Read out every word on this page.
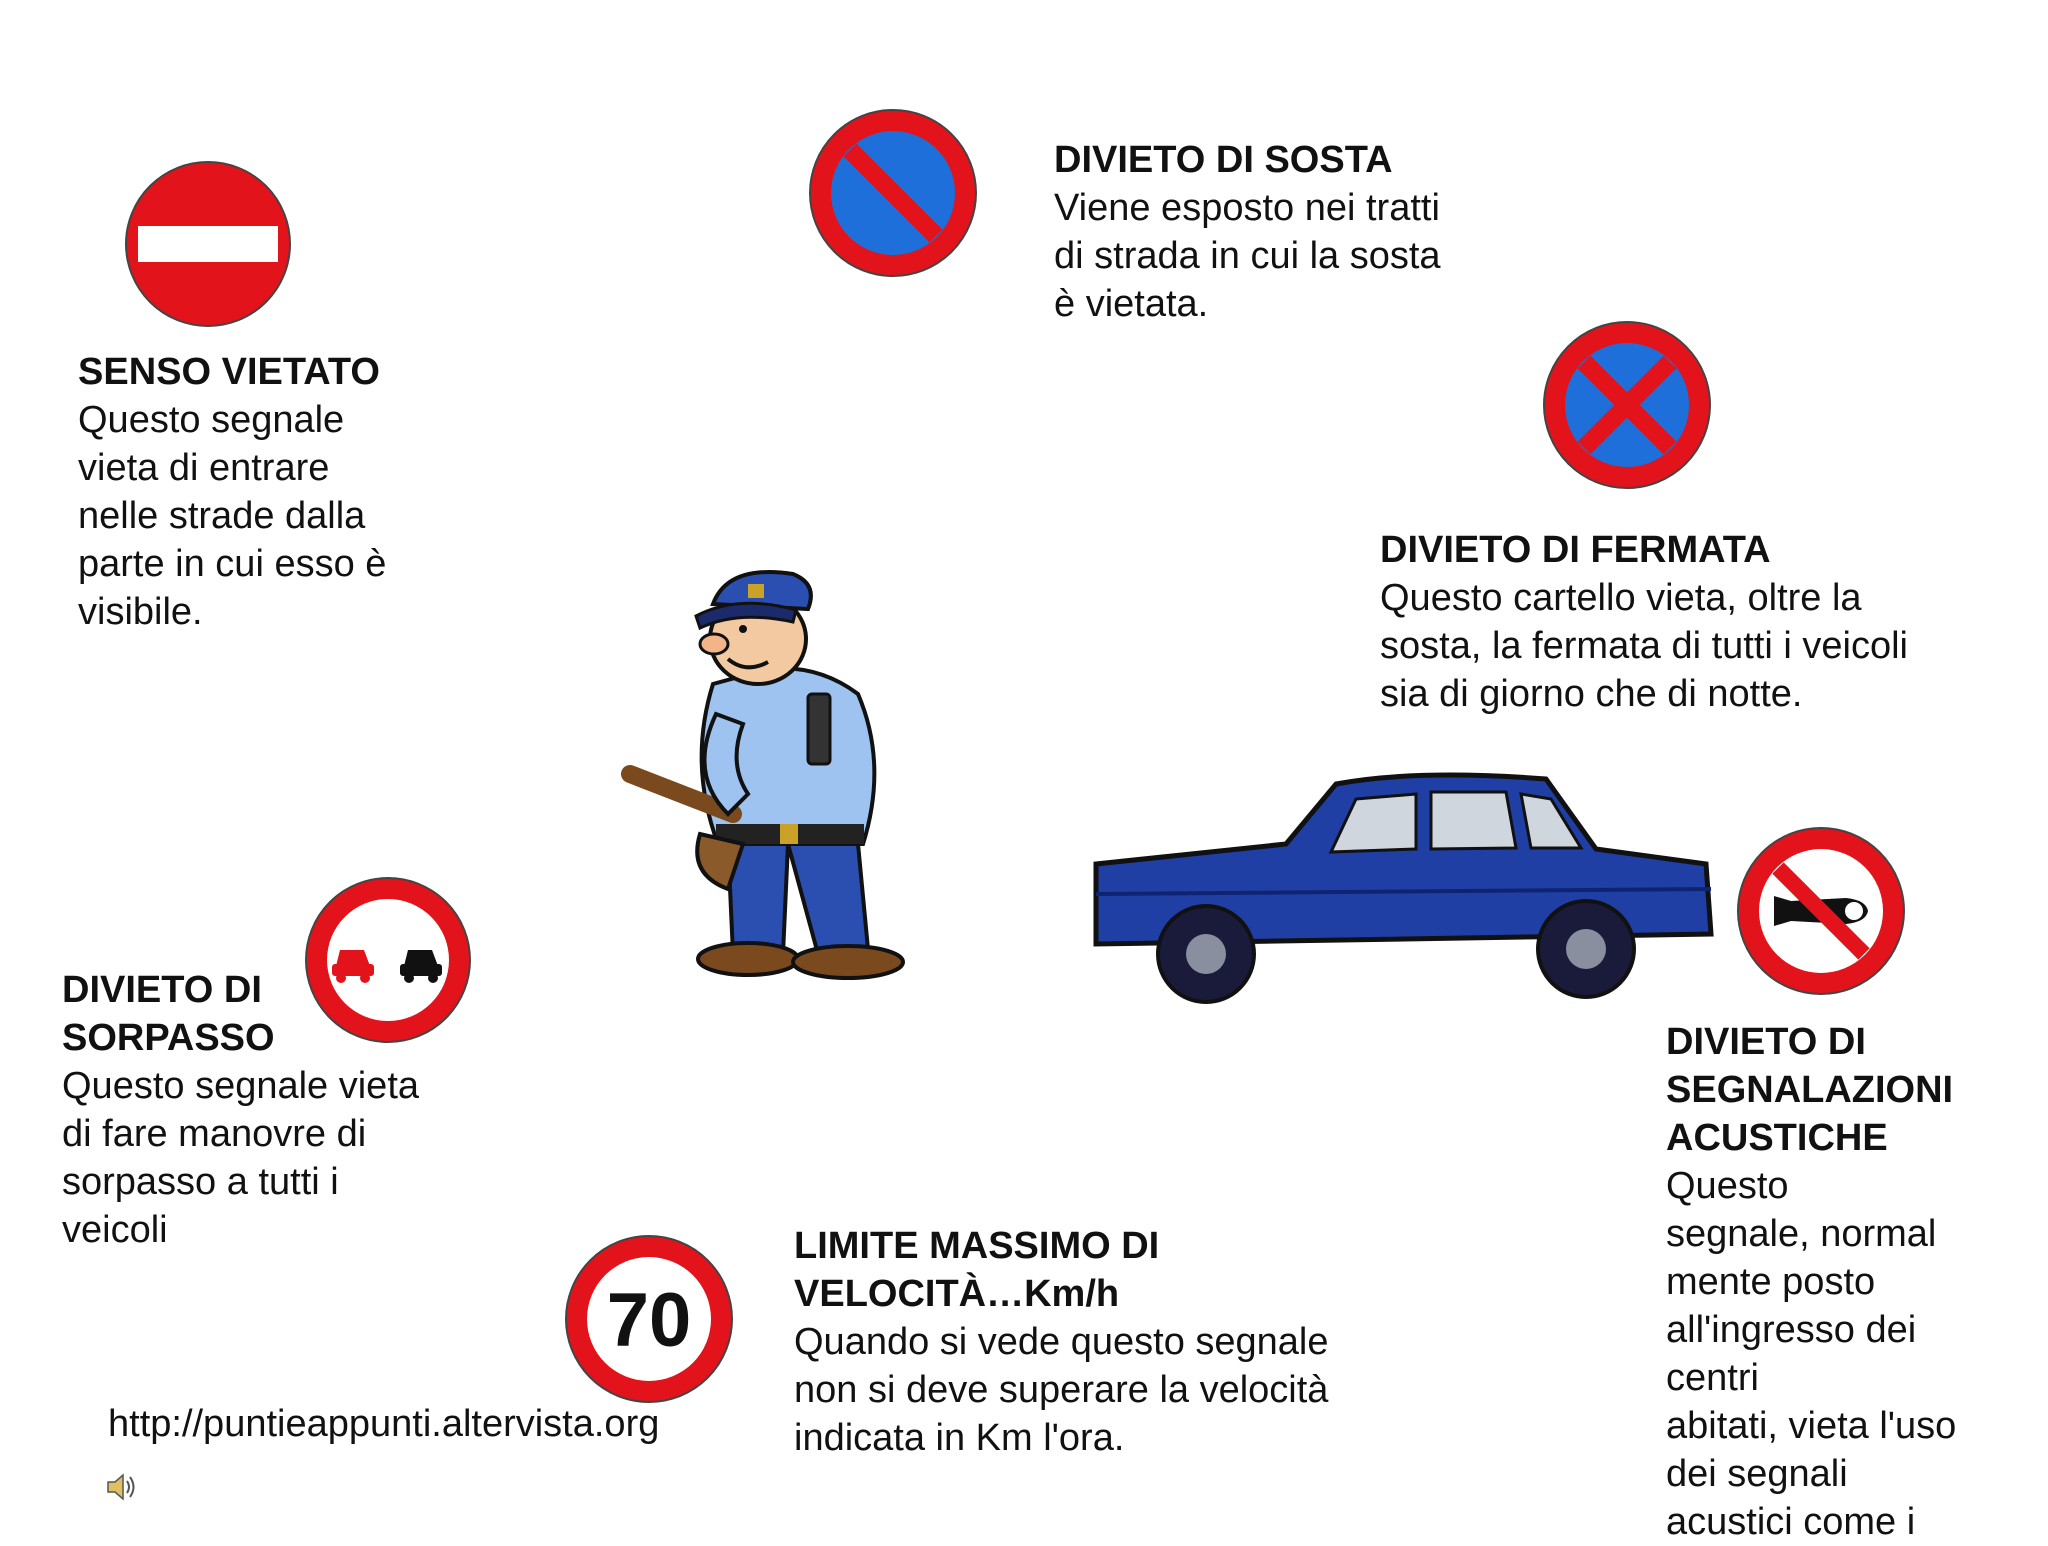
SENSO VIETATO

Questo segnale
vieta di entrare
nelle strade dalla
parte in cui esso è
visibile.

DIVIETO DI SOSTA

Viene esposto nei tratti
di strada in cui la sosta
è vietata.

DIVIETO DI FERMATA

Questo cartello vieta, oltre la
sosta, la fermata di tutti i veicoli
sia di giorno che di notte.

DIVIETO DI
SEGNALAZIONI
ACUSTICHE

Questo
segnale, normal
mente posto
all'ingresso dei
centri
abitati, vieta l'uso
dei segnali
acustici come i

DIVIETO DI
SORPASSO

Questo segnale vieta
di fare manovre di
sorpasso a tutti i
veicoli

70
LIMITE MASSIMO DI
VELOCITÀ…Km/h

Quando si vede questo segnale
non si deve superare la velocità
indicata in Km l'ora.

http://puntieappunti.altervista.org
